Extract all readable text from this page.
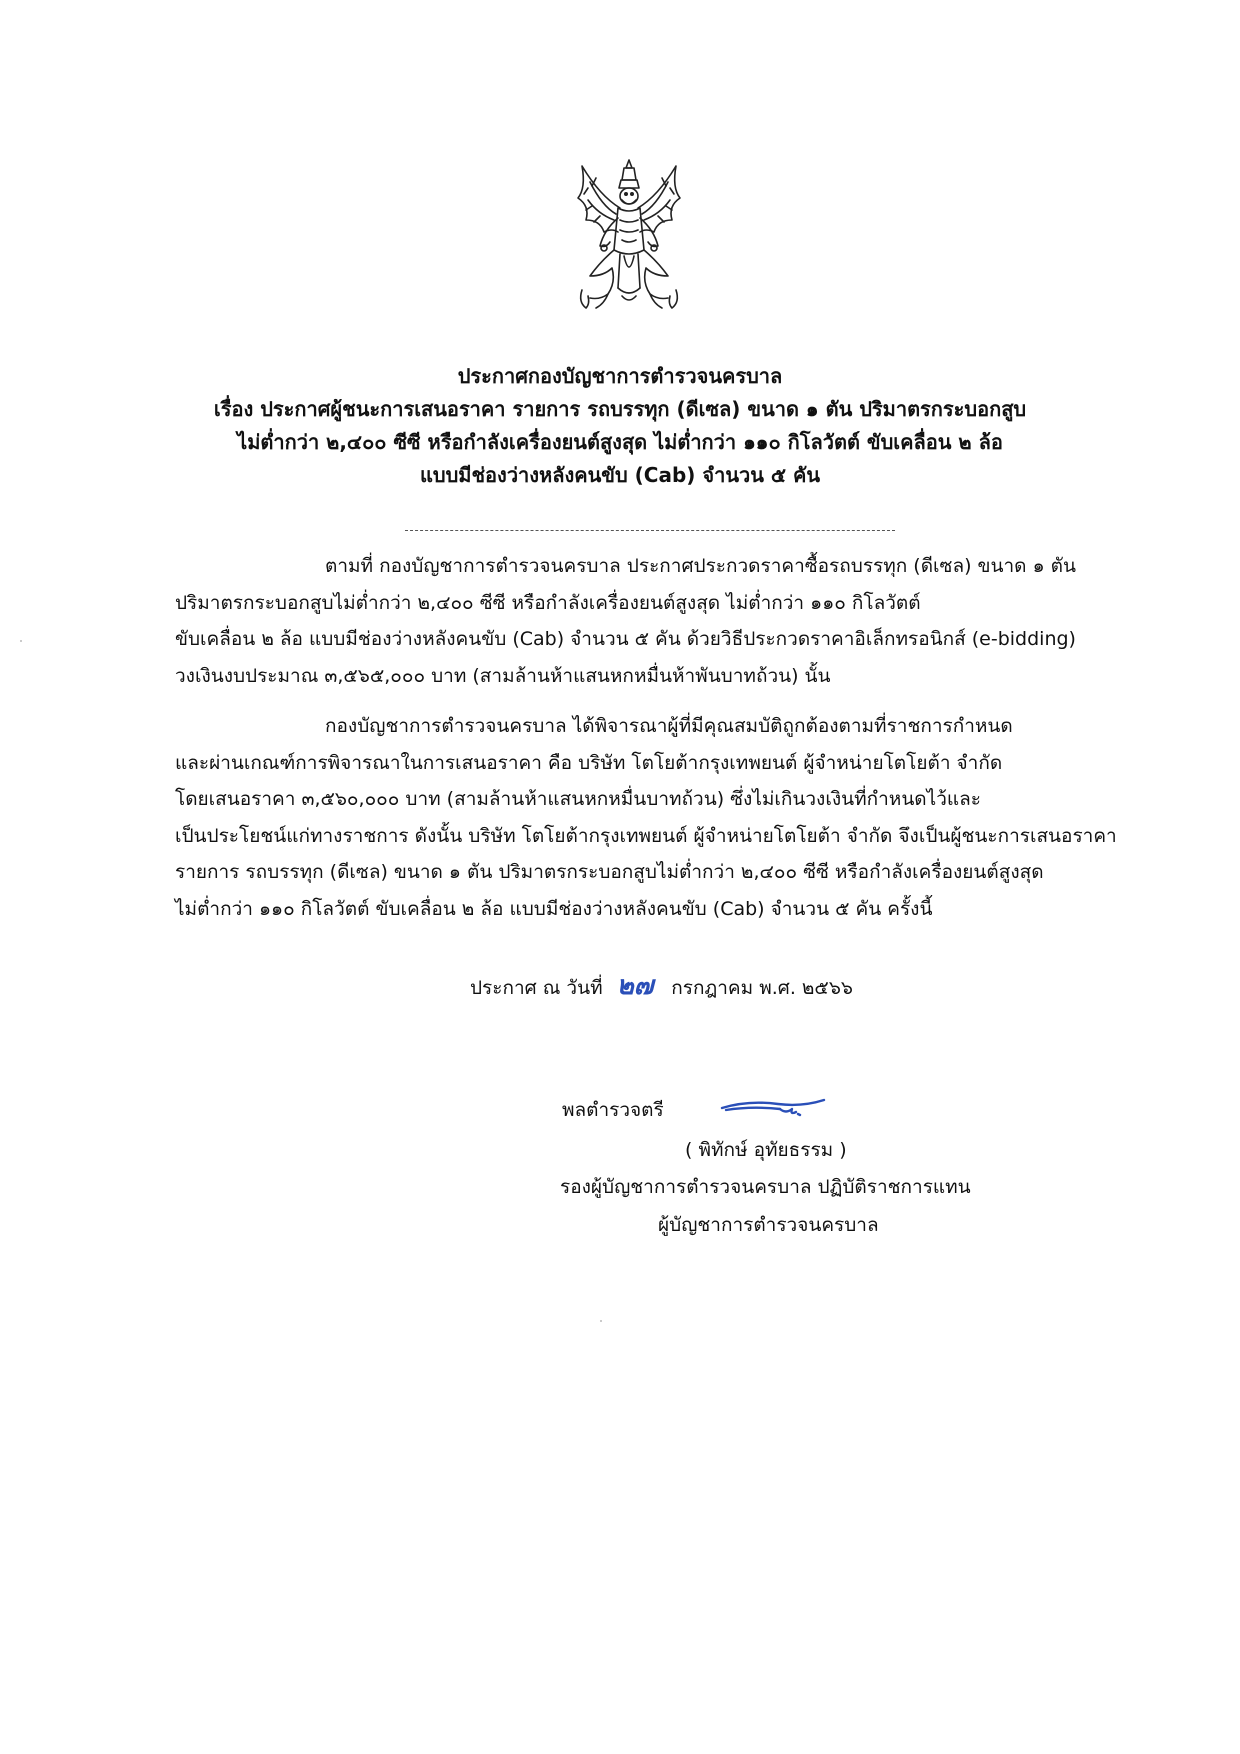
ประกาศกองบัญชาการตำรวจนครบาล
เรื่อง ประกาศผู้ชนะการเสนอราคา รายการ รถบรรทุก (ดีเซล) ขนาด ๑ ตัน ปริมาตรกระบอกสูบ
ไม่ต่ำกว่า ๒,๔๐๐ ซีซี หรือกำลังเครื่องยนต์สูงสุด ไม่ต่ำกว่า ๑๑๐ กิโลวัตต์ ขับเคลื่อน ๒ ล้อ
แบบมีช่องว่างหลังคนขับ (Cab) จำนวน ๕ คัน
ตามที่ กองบัญชาการตำรวจนครบาล ประกาศประกวดราคาซื้อรถบรรทุก (ดีเซล) ขนาด ๑ ตัน
ปริมาตรกระบอกสูบไม่ต่ำกว่า ๒,๔๐๐ ซีซี หรือกำลังเครื่องยนต์สูงสุด ไม่ต่ำกว่า ๑๑๐ กิโลวัตต์
ขับเคลื่อน ๒ ล้อ แบบมีช่องว่างหลังคนขับ (Cab) จำนวน ๕ คัน ด้วยวิธีประกวดราคาอิเล็กทรอนิกส์ (e-bidding)
วงเงินงบประมาณ ๓,๕๖๕,๐๐๐ บาท (สามล้านห้าแสนหกหมื่นห้าพันบาทถ้วน) นั้น
กองบัญชาการตำรวจนครบาล ได้พิจารณาผู้ที่มีคุณสมบัติถูกต้องตามที่ราชการกำหนด
และผ่านเกณฑ์การพิจารณาในการเสนอราคา คือ บริษัท โตโยต้ากรุงเทพยนต์ ผู้จำหน่ายโตโยต้า จำกัด
โดยเสนอราคา ๓,๕๖๐,๐๐๐ บาท (สามล้านห้าแสนหกหมื่นบาทถ้วน) ซึ่งไม่เกินวงเงินที่กำหนดไว้และ
เป็นประโยชน์แก่ทางราชการ ดังนั้น บริษัท โตโยต้ากรุงเทพยนต์ ผู้จำหน่ายโตโยต้า จำกัด จึงเป็นผู้ชนะการเสนอราคา
รายการ รถบรรทุก (ดีเซล) ขนาด ๑ ตัน ปริมาตรกระบอกสูบไม่ต่ำกว่า ๒,๔๐๐ ซีซี หรือกำลังเครื่องยนต์สูงสุด
ไม่ต่ำกว่า ๑๑๐ กิโลวัตต์ ขับเคลื่อน ๒ ล้อ แบบมีช่องว่างหลังคนขับ (Cab) จำนวน ๕ คัน ครั้งนี้
ประกาศ ณ วันที่ ๒๗ กรกฎาคม พ.ศ. ๒๕๖๖
พลตำรวจตรี
( พิทักษ์ อุทัยธรรม )
รองผู้บัญชาการตำรวจนครบาล ปฏิบัติราชการแทน
ผู้บัญชาการตำรวจนครบาล
